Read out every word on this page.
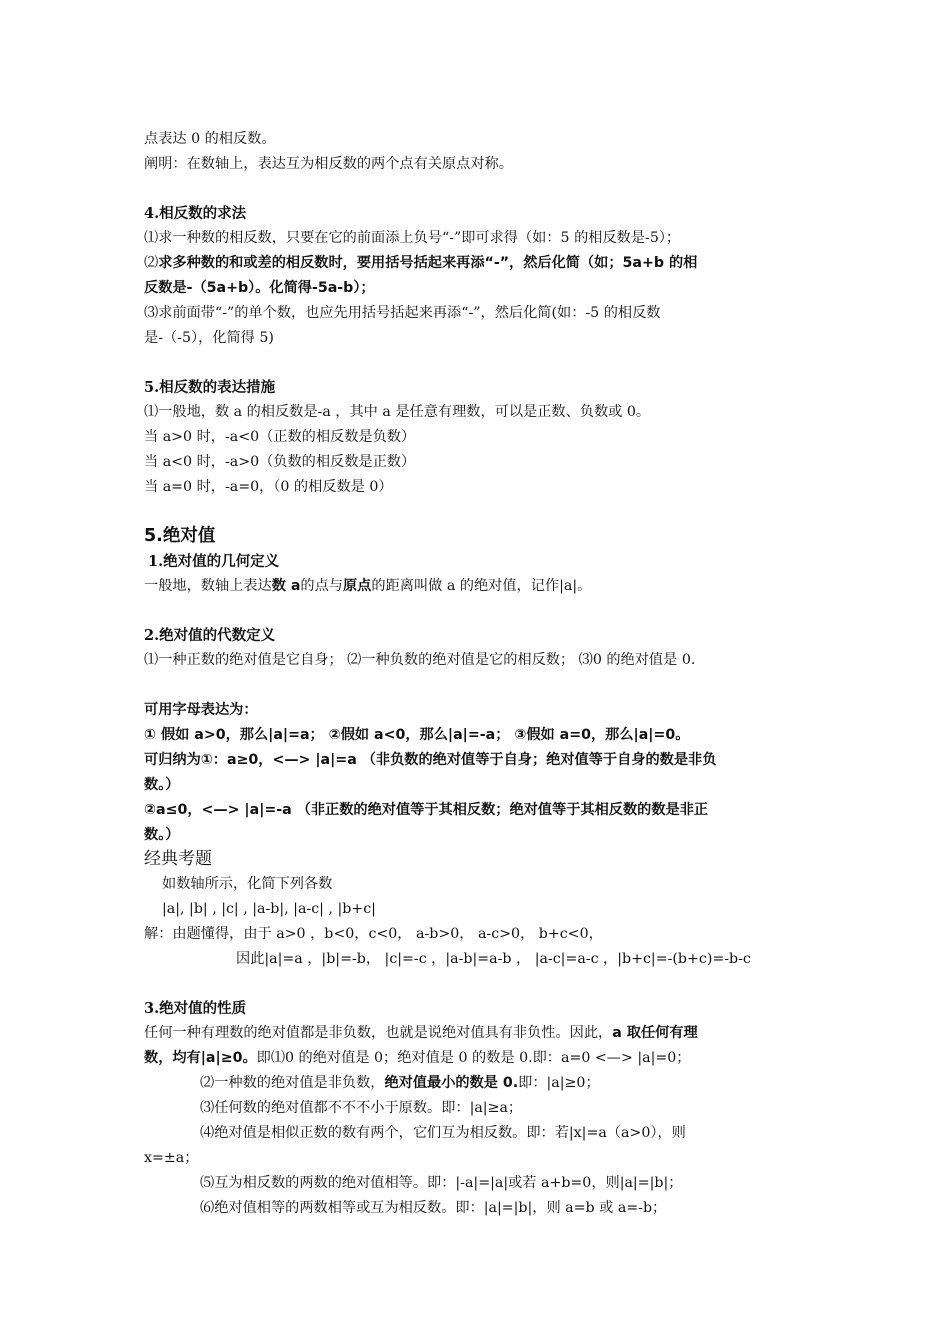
点表达 0 的相反数。
阐明：在数轴上，表达互为相反数的两个点有关原点对称。
4.相反数的求法
⑴求一种数的相反数，只要在它的前面添上负号“-”即可求得（如：5 的相反数是-5）；
⑵求多种数的和或差的相反数时，要用括号括起来再添“-”，然后化简（如；5a+b 的相
反数是-（5a+b）。化简得-5a-b）；
⑶求前面带“-”的单个数，也应先用括号括起来再添“-”，然后化简(如：-5 的相反数
是-（-5），化简得 5)
5.相反数的表达措施
⑴一般地，数 a 的相反数是-a ，其中 a 是任意有理数，可以是正数、负数或 0。
当 a>0 时，-a<0（正数的相反数是负数）
当 a<0 时，-a>0（负数的相反数是正数）
当 a=0 时，-a=0，（0 的相反数是 0）
5.绝对值
1.绝对值的几何定义
一般地，数轴上表达数 a的点与原点的距离叫做 a 的绝对值，记作|a|。
2.绝对值的代数定义
⑴一种正数的绝对值是它自身； ⑵一种负数的绝对值是它的相反数； ⑶0 的绝对值是 0.
可用字母表达为：
① 假如 a>0，那么|a|=a； ②假如 a<0，那么|a|=-a； ③假如 a=0，那么|a|=0。
可归纳为①：a≥0，<—> |a|=a （非负数的绝对值等于自身；绝对值等于自身的数是非负
数。）
②a≤0，<—> |a|=-a （非正数的绝对值等于其相反数；绝对值等于其相反数的数是非正
数。）
经典考题
如数轴所示，化简下列各数
|a|, |b| , |c| , |a-b|, |a-c| , |b+c|
解：由题懂得，由于 a>0 ，b<0，c<0， a-b>0， a-c>0， b+c<0，
因此|a|=a ，|b|=-b， |c|=-c ，|a-b|=a-b ， |a-c|=a-c ，|b+c|=-(b+c)=-b-c
3.绝对值的性质
任何一种有理数的绝对值都是非负数，也就是说绝对值具有非负性。因此，a 取任何有理
数，均有|a|≥0。即⑴0 的绝对值是 0；绝对值是 0 的数是 0.即：a=0 <—> |a|=0；
⑵一种数的绝对值是非负数，绝对值最小的数是 0.即：|a|≥0；
⑶任何数的绝对值都不不不小于原数。即：|a|≥a；
⑷绝对值是相似正数的数有两个，它们互为相反数。即：若|x|=a（a>0），则
x=±a；
⑸互为相反数的两数的绝对值相等。即：|-a|=|a|或若 a+b=0，则|a|=|b|；
⑹绝对值相等的两数相等或互为相反数。即：|a|=|b|，则 a=b 或 a=-b；
